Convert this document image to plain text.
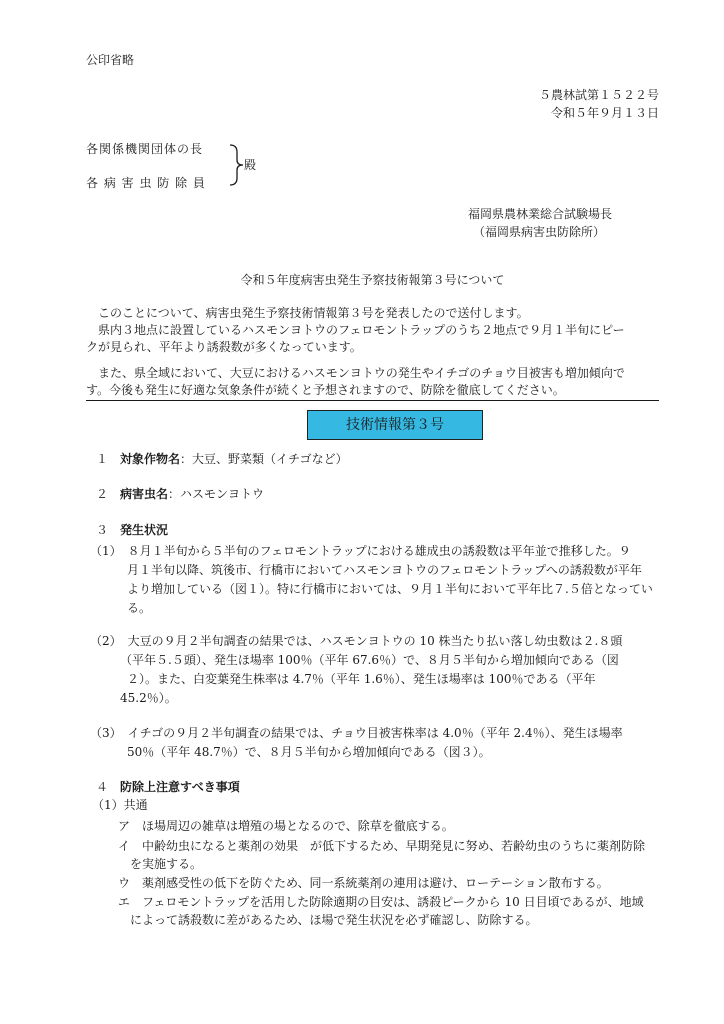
公印省略
５農林試第１５２２号
令和５年９月１３日
各関係機関団体の長
各 病 害 虫 防 除 員
殿
福岡県農林業総合試験場長
（福岡県病害虫防除所）
令和５年度病害虫発生予察技術報第３号について
このことについて、病害虫発生予察技術情報第３号を発表したので送付します。
県内３地点に設置しているハスモンヨトウのフェロモントラップのうち２地点で９月１半旬にピー
クが見られ、平年より誘殺数が多くなっています。
また、県全域において、大豆におけるハスモンヨトウの発生やイチゴのチョウ目被害も増加傾向で
す。今後も発生に好適な気象条件が続くと予想されますので、防除を徹底してください。
技術情報第３号
１　 対象作物名：大豆、野菜類（イチゴなど）
２　 病害虫名：ハスモンヨトウ
３　 発生状況
（1）　８月１半旬から５半旬のフェロモントラップにおける雄成虫の誘殺数は平年並で推移した。９
月１半旬以降、筑後市、行橋市においてハスモンヨトウのフェロモントラップへの誘殺数が平年
より増加している（図１）。特に行橋市においては、９月１半旬において平年比７.５倍となってい
る。
（2）　大豆の９月２半旬調査の結果では、ハスモンヨトウの 10 株当たり払い落し幼虫数は２.８頭
（平年５.５頭）、発生ほ場率 100％（平年 67.6％）で、８月５半旬から増加傾向である（図
２）。また、白変葉発生株率は 4.7％（平年 1.6％）、発生ほ場率は 100％である（平年
45.2％）。
（3）　イチゴの９月２半旬調査の結果では、チョウ目被害株率は 4.0％（平年 2.4％）、発生ほ場率
50％（平年 48.7％）で、８月５半旬から増加傾向である（図３）。
４　 防除上注意すべき事項
（1）共通
ア　ほ場周辺の雑草は増殖の場となるので、除草を徹底する。
イ　中齢幼虫になると薬剤の効果　が低下するため、早期発見に努め、若齢幼虫のうちに薬剤防除
を実施する。
ウ　薬剤感受性の低下を防ぐため、同一系統薬剤の連用は避け、ローテーション散布する。
エ　フェロモントラップを活用した防除適期の目安は、誘殺ピークから 10 日目頃であるが、地域
によって誘殺数に差があるため、ほ場で発生状況を必ず確認し、防除する。
